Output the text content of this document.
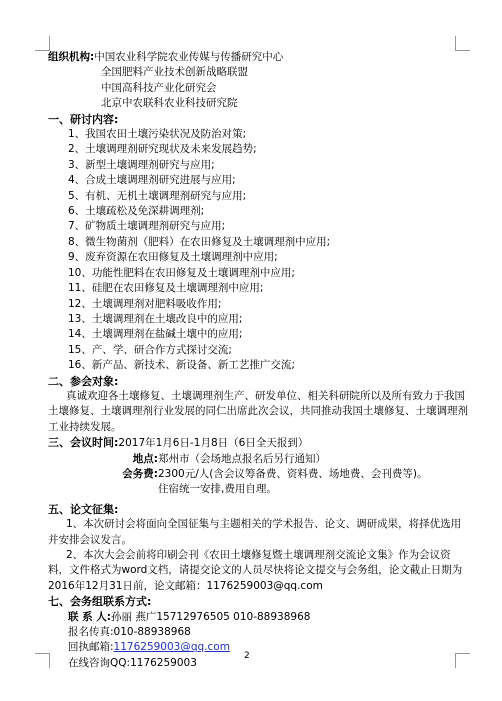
组织机构:中国农业科学院农业传媒与传播研究中心
全国肥料产业技术创新战略联盟
中国高科技产业化研究会
北京中农联科农业科技研究院
一、研讨内容:
1、我国农田土壤污染状况及防治对策;
2、土壤调理剂研究现状及未来发展趋势;
3、新型土壤调理剂研究与应用;
4、合成土壤调理剂研究进展与应用;
5、有机、无机土壤调理剂研究与应用;
6、土壤疏松及免深耕调理剂;
7、矿物质土壤调理剂研究与应用;
8、微生物菌剂（肥料）在农田修复及土壤调理剂中应用;
9、废弃资源在农田修复及土壤调理剂中应用;
10、功能性肥料在农田修复及土壤调理剂中应用;
11、硅肥在农田修复及土壤调理剂中应用;
12、土壤调理剂对肥料吸收作用;
13、土壤调理剂在土壤改良中的应用;
14、土壤调理剂在盐碱土壤中的应用;
15、产、学、研合作方式探讨交流;
16、新产品、新技术、新设备、新工艺推广交流;
二、参会对象:
真诚欢迎各土壤修复、土壤调理剂生产、研发单位、相关科研院所以及所有致力于我国土壤修复、土壤调理剂行业发展的同仁出席此次会议，共同推动我国土壤修复、土壤调理剂工业持续发展。
三、会议时间:2017年1月6日-1月8日（6日全天报到）
地点:郑州市（会场地点报名后另行通知）
会务费:2300元/人(含会议筹备费、资料费、场地费、会刊费等)。
住宿统一安排,费用自理。
五、论文征集:
1、本次研讨会将面向全国征集与主题相关的学术报告、论文、调研成果，将择优选用并安排会议发言。
2、本次大会会前将印刷会刊《农田土壤修复暨土壤调理剂交流论文集》作为会议资料，文件格式为word文档，请提交论文的人员尽快将论文提交与会务组，论文截止日期为2016年12月31日前，论文邮箱：1176259003@qq.com
七、会务组联系方式:
联 系 人:孙丽 燕广15712976505 010-88938968
报名传真:010-88938968
回执邮箱:1176259003@qq.com
在线咨询QQ:1176259003
2
